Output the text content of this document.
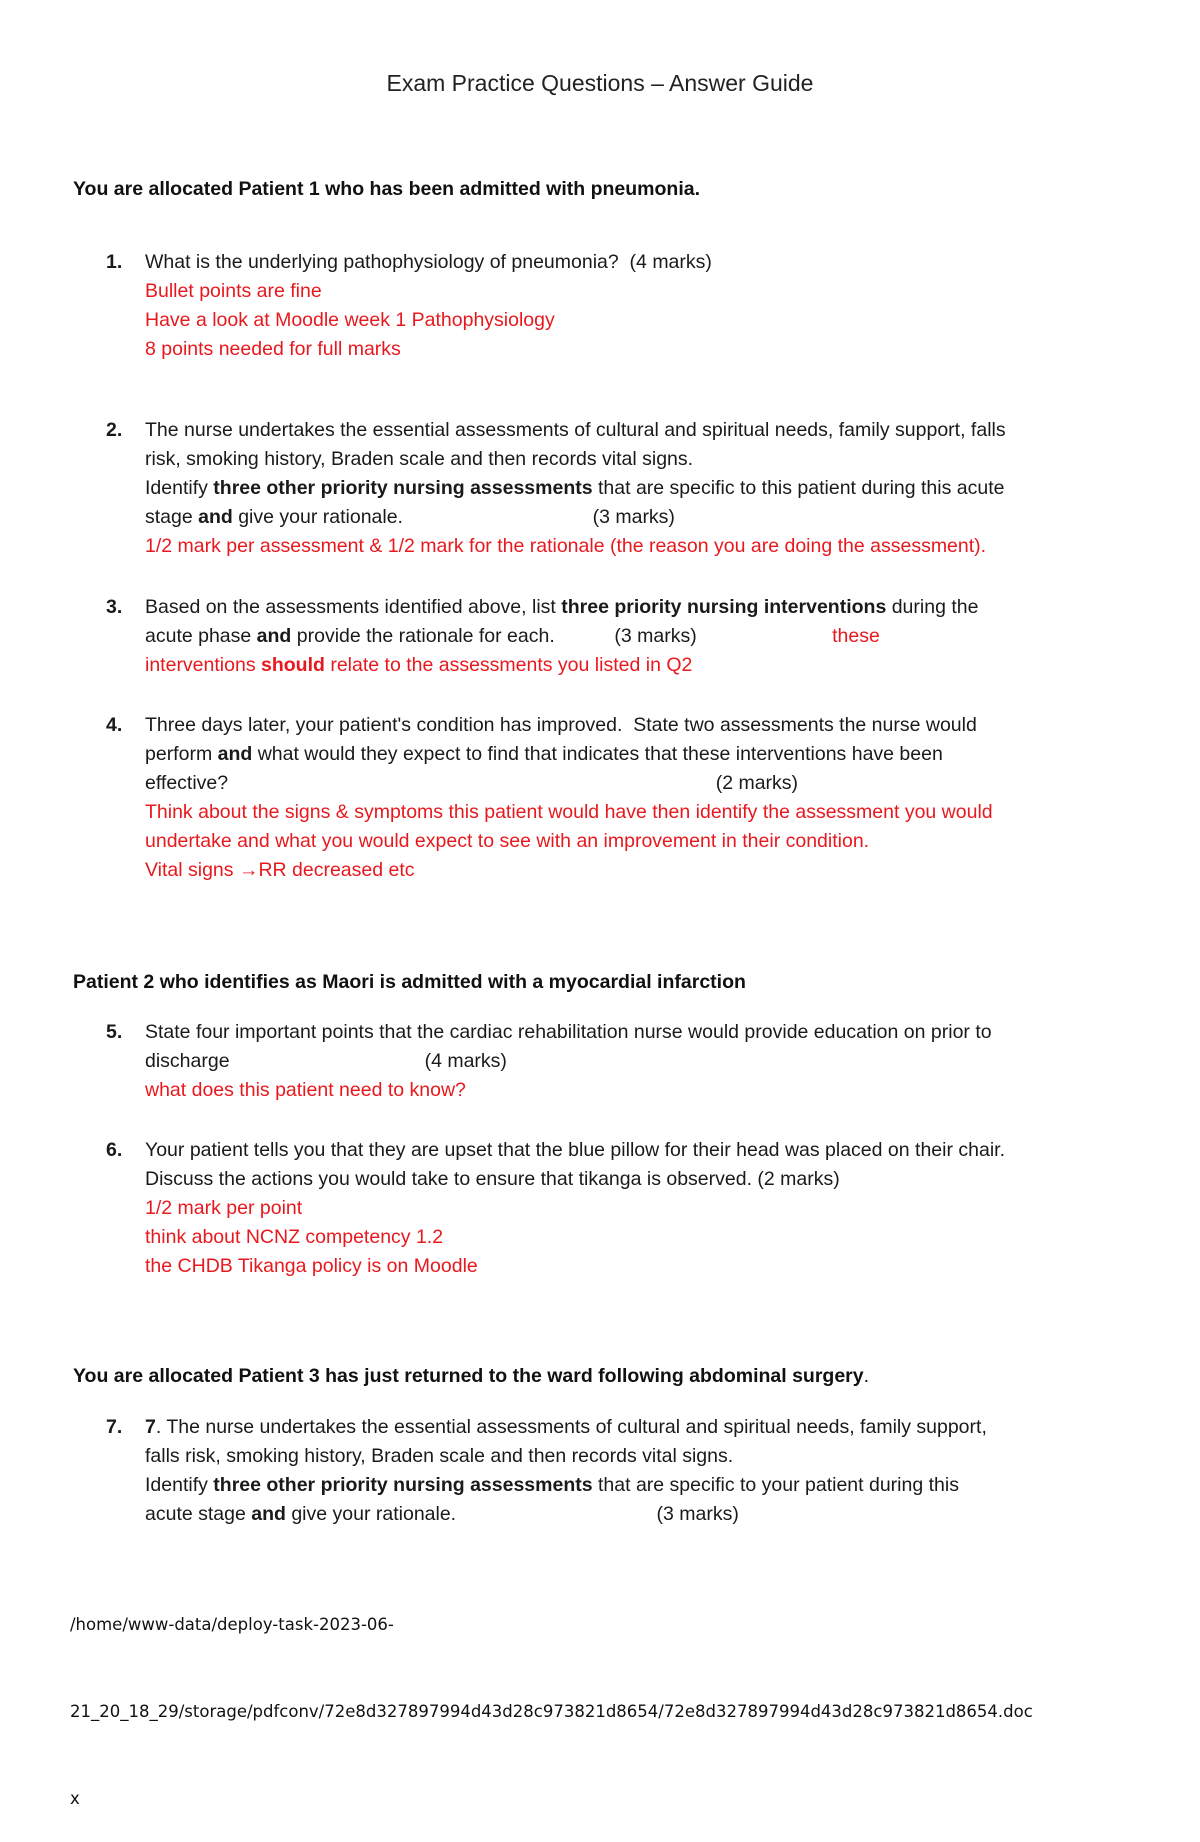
Exam Practice Questions – Answer Guide
You are allocated Patient 1 who has been admitted with pneumonia.
1. What is the underlying pathophysiology of pneumonia?  (4 marks)
Bullet points are fine
Have a look at Moodle week 1 Pathophysiology
8 points needed for full marks
2. The nurse undertakes the essential assessments of cultural and spiritual needs, family support, falls
risk, smoking history, Braden scale and then records vital signs.
Identify three other priority nursing assessments that are specific to this patient during this acute
stage and give your rationale.                                   (3 marks)
1/2 mark per assessment & 1/2 mark for the rationale (the reason you are doing the assessment).
3. Based on the assessments identified above, list three priority nursing interventions during the
acute phase and provide the rationale for each.           (3 marks)                         these
interventions should relate to the assessments you listed in Q2
4. Three days later, your patient's condition has improved.  State two assessments the nurse would
perform and what would they expect to find that indicates that these interventions have been
effective?                                                                                          (2 marks)
Think about the signs & symptoms this patient would have then identify the assessment you would
undertake and what you would expect to see with an improvement in their condition.
Vital signs →RR decreased etc
Patient 2 who identifies as Maori is admitted with a myocardial infarction
5. State four important points that the cardiac rehabilitation nurse would provide education on prior to
discharge                                    (4 marks)
what does this patient need to know?
6. Your patient tells you that they are upset that the blue pillow for their head was placed on their chair.
Discuss the actions you would take to ensure that tikanga is observed. (2 marks)
1/2 mark per point
think about NCNZ competency 1.2
the CHDB Tikanga policy is on Moodle
You are allocated Patient 3 has just returned to the ward following abdominal surgery.
7. 7. The nurse undertakes the essential assessments of cultural and spiritual needs, family support,
falls risk, smoking history, Braden scale and then records vital signs.
Identify three other priority nursing assessments that are specific to your patient during this
acute stage and give your rationale.                                     (3 marks)

/home/www-data/deploy-task-2023-06-

21_20_18_29/storage/pdfconv/72e8d327897994d43d28c973821d8654/72e8d327897994d43d28c973821d8654.doc

x
